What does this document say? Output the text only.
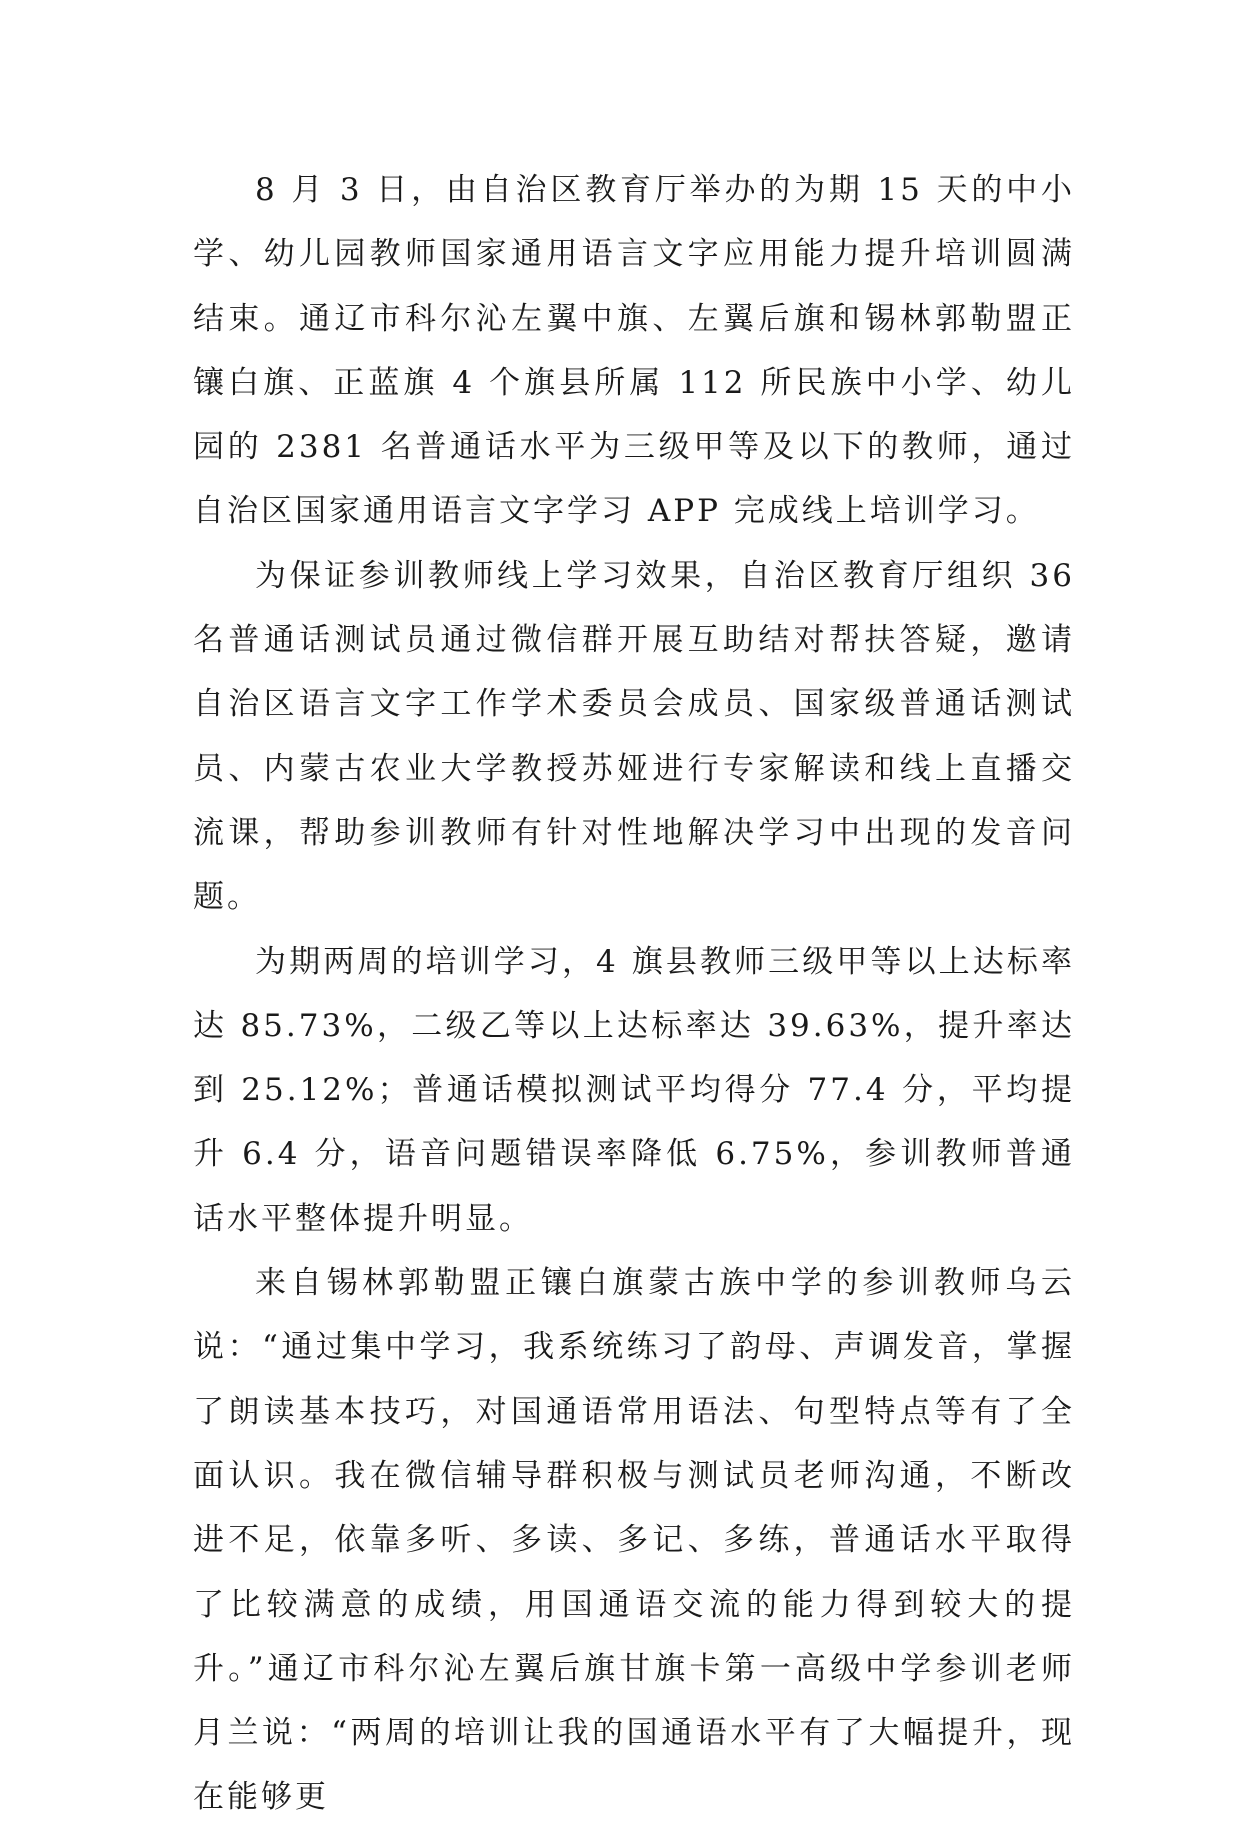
8 月 3 日，由自治区教育厅举办的为期 15 天的中小学、幼儿园教师国家通用语言文字应用能力提升培训圆满结束。通辽市科尔沁左翼中旗、左翼后旗和锡林郭勒盟正镶白旗、正蓝旗 4 个旗县所属 112 所民族中小学、幼儿园的 2381 名普通话水平为三级甲等及以下的教师，通过自治区国家通用语言文字学习 APP 完成线上培训学习。

为保证参训教师线上学习效果，自治区教育厅组织 36 名普通话测试员通过微信群开展互助结对帮扶答疑，邀请自治区语言文字工作学术委员会成员、国家级普通话测试员、内蒙古农业大学教授苏娅进行专家解读和线上直播交流课，帮助参训教师有针对性地解决学习中出现的发音问题。

为期两周的培训学习，4 旗县教师三级甲等以上达标率达 85.73%，二级乙等以上达标率达 39.63%，提升率达到 25.12%；普通话模拟测试平均得分 77.4 分，平均提升 6.4 分，语音问题错误率降低 6.75%，参训教师普通话水平整体提升明显。

来自锡林郭勒盟正镶白旗蒙古族中学的参训教师乌云说：“通过集中学习，我系统练习了韵母、声调发音，掌握了朗读基本技巧，对国通语常用语法、句型特点等有了全面认识。我在微信辅导群积极与测试员老师沟通，不断改进不足，依靠多听、多读、多记、多练，普通话水平取得了比较满意的成绩，用国通语交流的能力得到较大的提升。”通辽市科尔沁左翼后旗甘旗卡第一高级中学参训老师月兰说：“两周的培训让我的国通语水平有了大幅提升，现在能够更
